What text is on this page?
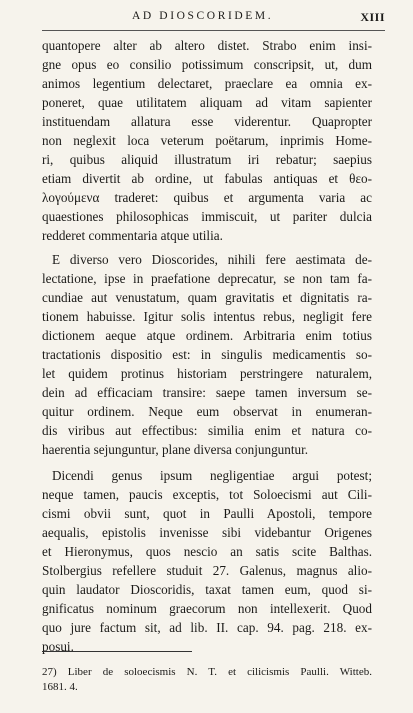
AD DIOSCORIDEM.	XIII
quantopere alter ab altero distet. Strabo enim insi-
gne opus eo consilio potissimum conscripsit, ut, dum
animos legentium delectaret, praeclare ea omnia ex-
poneret, quae utilitatem aliquam ad vitam sapienter
instituendam allatura esse viderentur. Quapropter
non neglexit loca veterum poëtarum, inprimis Home-
ri, quibus aliquid illustratum iri rebatur; saepius
etiam divertit ab ordine, ut fabulas antiquas et θεο-
λογούμενα traderet: quibus et argumenta varia ac
quaestiones philosophicas immiscuit, ut pariter dulcia
redderet commentaria atque utilia.
E diverso vero Dioscorides, nihili fere aestimata de-
lectatione, ipse in praefatione deprecatur, se non tam fa-
cundiae aut venustatum, quam gravitatis et dignitatis ra-
tionem habuisse. Igitur solis intentus rebus, negligit fere
dictionem aeque atque ordinem. Arbitraria enim totius
tractationis dispositio est: in singulis medicamentis so-
let quidem protinus historiam perstringere naturalem,
dein ad efficaciam transire: saepe tamen inversum se-
quitur ordinem. Neque eum observat in enumeran-
dis viribus aut effectibus: similia enim et natura co-
haerentia sejunguntur, plane diversa conjunguntur.
Dicendi genus ipsum negligentiae argui potest;
neque tamen, paucis exceptis, tot Soloecismi aut Cili-
cismi obvii sunt, quot in Paulli Apostoli, tempore
aequalis, epistolis invenisse sibi videbantur Origenes
et Hieronymus, quos nescio an satis scite Balthas.
Stolbergius refellere studuit 27. Galenus, magnus alio-
quin laudator Dioscoridis, taxat tamen eum, quod si-
gnificatus nominum graecorum non intellexerit. Quod
quo jure factum sit, ad lib. II. cap. 94. pag. 218. ex-
posui.
27) Liber de soloecismis N. T. et cilicismis Paulli. Witteb.
1681. 4.
